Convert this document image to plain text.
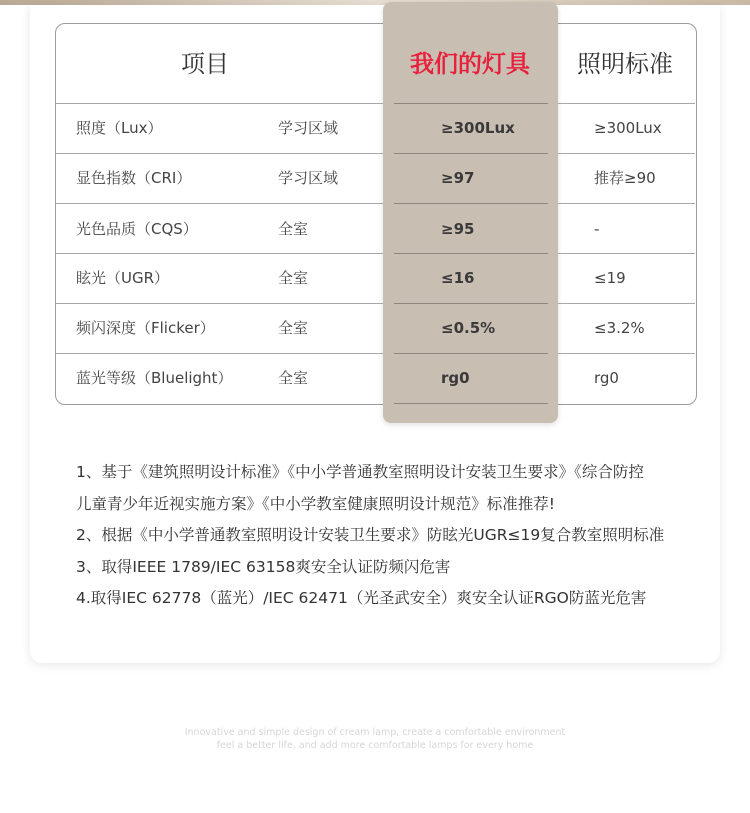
项目	我们的灯具 照明标准
照度（Lux）	学习区域	≥300Lux	≥300Lux
显色指数（CRI）	学习区域	≥97	推荐≥90
光色品质（CQS）	全室	≥95	-
眩光（UGR）	全室	≤16	≤19
频闪深度（Flicker）	全室	≤0.5%	≤3.2%
蓝光等级（Bluelight）	全室	rg0	rg0
1、基于《建筑照明设计标准》《中小学普通教室照明设计安装卫生要求》《综合防控
儿童青少年近视实施方案》《中小学教室健康照明设计规范》标准推荐!
2、根据《中小学普通教室照明设计安装卫生要求》防眩光UGR≤19复合教室照明标准
3、取得IEEE 1789/IEC 63158爽安全认证防频闪危害
4.取得IEC 62778（蓝光）/IEC 62471（光圣武安全）爽安全认证RGO防蓝光危害
Innovative and simple design of cream lamp, create a comfortable environment
feel a better life, and add more comfortable lamps for every home
